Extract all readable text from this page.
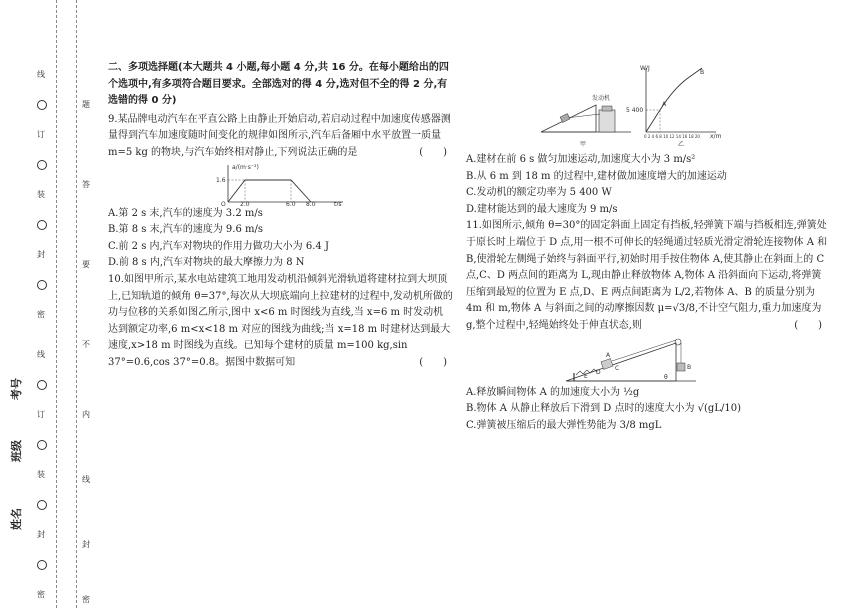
线
订
装
封
密
线
订
装
封
密
题
答
要
不
内
线
封
密
姓名
班级
考号

二、多项选择题(本大题共 4 小题,每小题 4 分,共 16 分。在每小题给出的四个选项中,有多项符合题目要求。全部选对的得 4 分,选对但不全的得 2 分,有选错的得 0 分)

9.某品牌电动汽车在平直公路上由静止开始启动,若启动过程中加速度传感器测量得到汽车加速度随时间变化的规律如图所示,汽车后备厢中水平放置一质量 m=5 kg 的物块,与汽车始终相对静止,下列说法正确的是	(　　)

a/(m·s⁻²)
1.6
O 2.0	6.0 8.0	t/s

A.第 2 s 末,汽车的速度为 3.2 m/s

B.第 8 s 末,汽车的速度为 9.6 m/s

C.前 2 s 内,汽车对物块的作用力做功大小为 6.4 J

D.前 8 s 内,汽车对物块的最大摩擦力为 8 N

10.如图甲所示,某水电站建筑工地用发动机沿倾斜光滑轨道将建材拉到大坝顶上,已知轨道的倾角 θ=37°,每次从大坝底端向上拉建材的过程中,发动机所做的功与位移的关系如图乙所示,图中 x<6 m 时图线为直线,当 x=6 m 时发动机达到额定功率,6 m<x<18 m 对应的图线为曲线;当 x=18 m 时建材达到最大速度,x>18 m 时图线为直线。已知每个建材的质量 m=100 kg,sin 37°=0.6,cos 37°=0.8。据图中数据可知	(　　)

发动机
甲
W/J
5 400
A
B
0 2 4 6 8 10 12 14 16 18 20 x/m
乙

A.建材在前 6 s 做匀加速运动,加速度大小为 3 m/s²

B.从 6 m 到 18 m 的过程中,建材做加速度增大的加速运动

C.发动机的额定功率为 5 400 W

D.建材能达到的最大速度为 9 m/s

11.如图所示,倾角 θ=30°的固定斜面上固定有挡板,轻弹簧下端与挡板相连,弹簧处于原长时上端位于 D 点,用一根不可伸长的轻绳通过轻质光滑定滑轮连接物体 A 和 B,使滑轮左侧绳子始终与斜面平行,初始时用手按住物体 A,使其静止在斜面上的 C 点,C、D 两点间的距离为 L,现由静止释放物体 A,物体 A 沿斜面向下运动,将弹簧压缩到最短的位置为 E 点,D、E 两点间距离为 L/2,若物体 A、B 的质量分别为 4m 和 m,物体 A 与斜面之间的动摩擦因数 μ=√3/8,不计空气阻力,重力加速度为 g,整个过程中,轻绳始终处于伸直状态,则	(　　)

A
C
D
E
B
θ

A.释放瞬间物体 A 的加速度大小为 ½g

B.物体 A 从静止释放后下滑到 D 点时的速度大小为 √(gL/10)

C.弹簧被压缩后的最大弹性势能为 3/8 mgL
